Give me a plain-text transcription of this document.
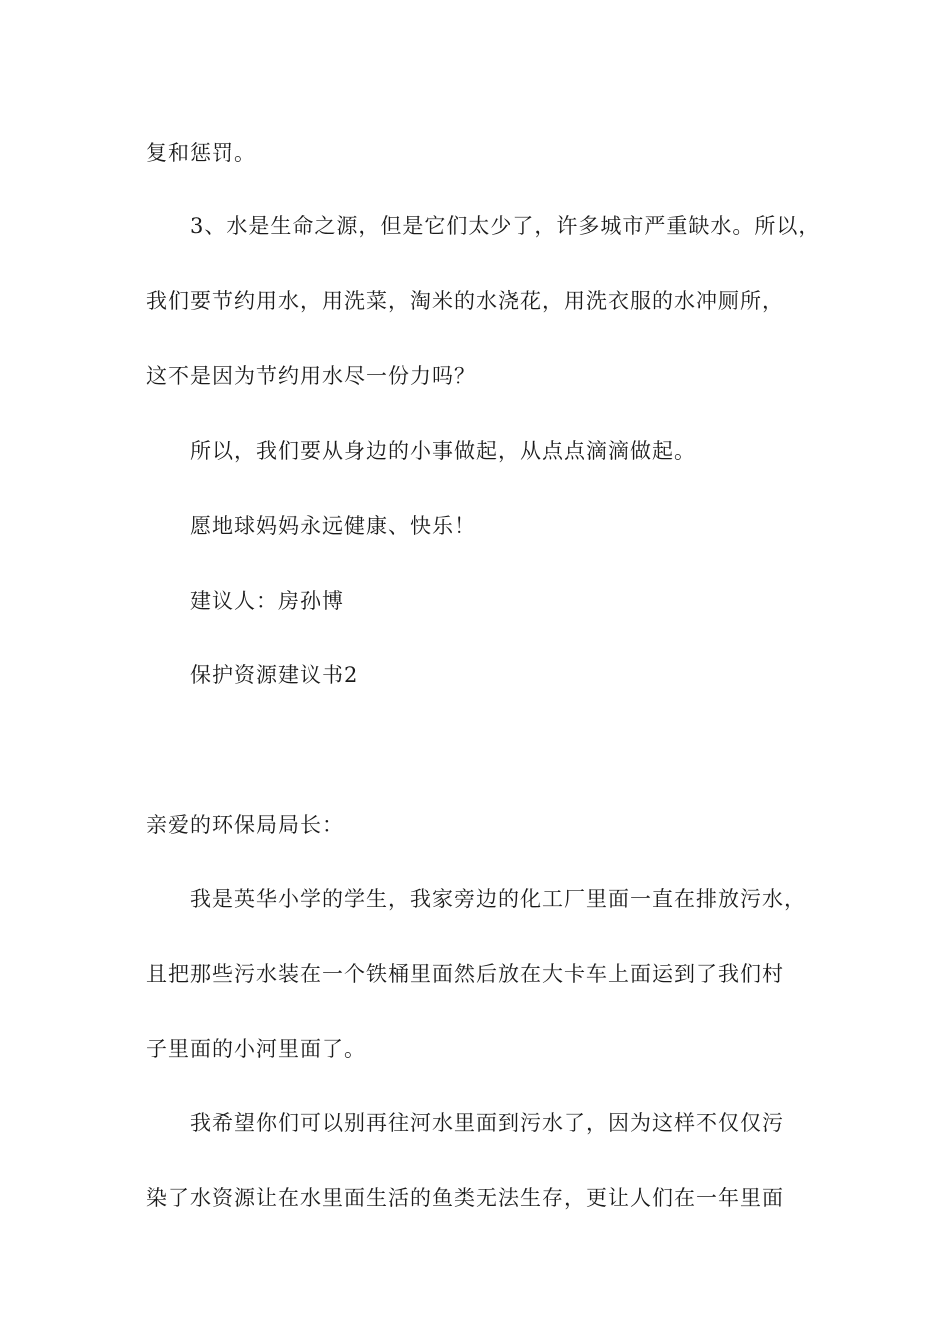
复和惩罚。
3、水是生命之源，但是它们太少了，许多城市严重缺水。所以，
我们要节约用水，用洗菜，淘米的水浇花，用洗衣服的水冲厕所，
这不是因为节约用水尽一份力吗？
所以，我们要从身边的小事做起，从点点滴滴做起。
愿地球妈妈永远健康、快乐！
建议人：房孙博
保护资源建议书2
亲爱的环保局局长：
我是英华小学的学生，我家旁边的化工厂里面一直在排放污水，
且把那些污水装在一个铁桶里面然后放在大卡车上面运到了我们村
子里面的小河里面了。
我希望你们可以别再往河水里面到污水了，因为这样不仅仅污
染了水资源让在水里面生活的鱼类无法生存，更让人们在一年里面
